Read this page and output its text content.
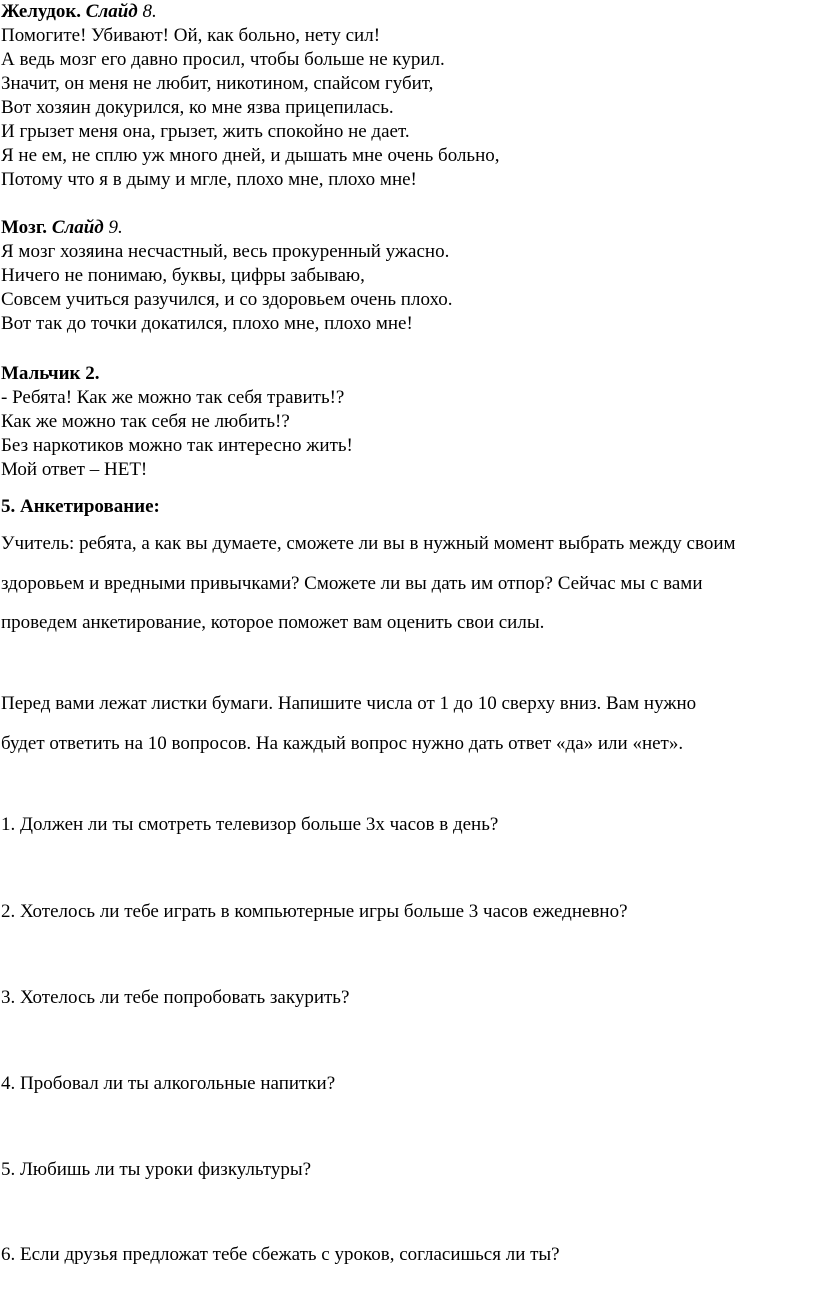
Желудок. Слайд 8.
Помогите! Убивают! Ой, как больно, нету сил!
А ведь мозг его давно просил, чтобы больше не курил.
Значит, он меня не любит, никотином, спайсом губит,
Вот хозяин докурился, ко мне язва прицепилась.
И грызет меня она, грызет, жить спокойно не дает.
Я не ем, не сплю уж много дней, и дышать мне очень больно,
Потому что я в дыму и мгле, плохо мне, плохо мне!
Мозг. Слайд 9.
Я мозг хозяина несчастный, весь прокуренный ужасно.
Ничего не понимаю, буквы, цифры забываю,
Совсем учиться разучился, и со здоровьем очень плохо.
Вот так до точки докатился, плохо мне, плохо мне!
Мальчик 2.
- Ребята! Как же можно так себя травить!?
Как же можно так себя не любить!?
Без наркотиков можно так интересно жить!
Мой ответ – НЕТ!
5. Анкетирование:
Учитель: ребята, а как вы думаете, сможете ли вы в нужный момент выбрать между своим
здоровьем и вредными привычками? Сможете ли вы дать им отпор? Сейчас мы с вами
проведем анкетирование, которое поможет вам оценить свои силы.
Перед вами лежат листки бумаги. Напишите числа от 1 до 10 сверху вниз. Вам нужно
будет ответить на 10 вопросов. На каждый вопрос нужно дать ответ «да» или «нет».
1. Должен ли ты смотреть телевизор больше 3х часов в день?
2. Хотелось ли тебе играть в компьютерные игры больше 3 часов ежедневно?
3. Хотелось ли тебе попробовать закурить?
4. Пробовал ли ты алкогольные напитки?
5. Любишь ли ты уроки физкультуры?
6. Если друзья предложат тебе сбежать с уроков, согласишься ли ты?
